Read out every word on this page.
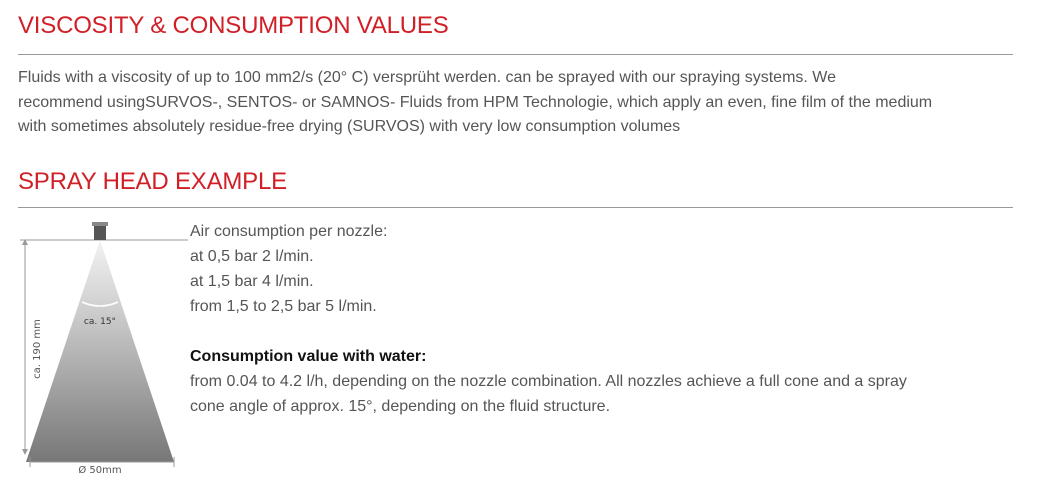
VISCOSITY & CONSUMPTION VALUES
Fluids with a viscosity of up to 100 mm2/s (20° C) versprüht werden. can be sprayed with our spraying systems. We
recommend usingSURVOS-, SENTOS- or SAMNOS- Fluids from HPM Technologie, which apply an even, fine film of the medium
with sometimes absolutely residue-free drying (SURVOS) with very low consumption volumes
SPRAY HEAD EXAMPLE
ca. 190 mm	ca. 15°
Ø 50mm
Air consumption per nozzle:
at 0,5 bar 2 l/min.
at 1,5 bar 4 l/min.
from 1,5 to 2,5 bar 5 l/min.
Consumption value with water:
from 0.04 to 4.2 l/h, depending on the nozzle combination. All nozzles achieve a full cone and a spray
cone angle of approx. 15°, depending on the fluid structure.
